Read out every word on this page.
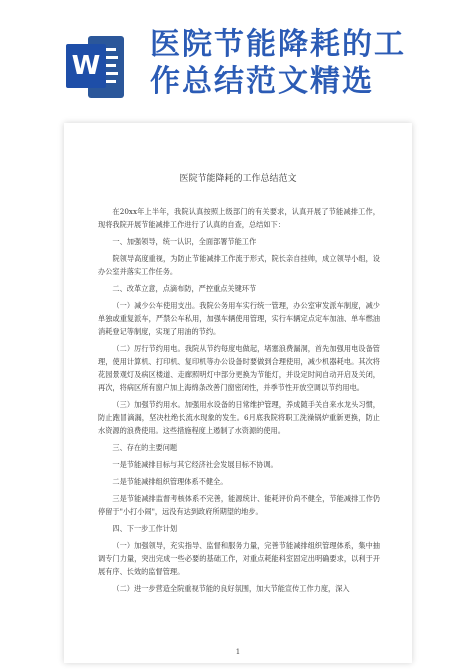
W
医院节能降耗的工
作总结范文精选
医院节能降耗的工作总结范文

在20xx年上半年，我院认真按照上级部门的有关要求，认真开展了节能减排工作，现将我院开展节能减排工作进行了认真的自查，总结如下：

一、加强领导，统一认识，全面部署节能工作

院领导高度重视，为防止节能减排工作流于形式，院长亲自挂帅，成立领导小组，设办公室并落实工作任务。

二、改革立意，点滴布防，严控重点关键环节

（一）减少公车使用支出。我院公务用车实行统一管理，办公室审发派车制度，减少单独或重复派车，严禁公车私用，加强车辆使用管理，实行车辆定点定车加油、单车燃油消耗登记等制度，实现了用油的节约。

（二）厉行节约用电。我院从节约每度电做起，堵塞浪费漏洞，首先加强用电设备管理，使用计算机、打印机、复印机等办公设备时要做到合理使用，减少机器耗电。其次将花园景观灯及病区楼道、走廊照明灯中部分更换为节能灯，并设定时间自动开启及关闭，再次，将病区所有窗户加上海绵条改善门窗密闭性，并季节性开放空调以节约用电。

（三）加强节约用水。加强用水设备的日常维护管理，养成随手关自来水龙头习惯，防止跑冒滴漏，坚决杜绝长流水现象的发生。6月底我院将职工洗澡锅炉重新更换，防止水资源的浪费使用。这些措施程度上遏制了水资源的使用。

三、存在的主要问题

一是节能减排目标与其它经济社会发展目标不协调。

二是节能减排组织管理体系不健全。

三是节能减排监督考核体系不完善，能源统计、能耗评价尚不健全，节能减排工作仍停留于"小打小闹"，远没有达到政府所期望的地步。

四、下一步工作计划

（一）加强领导，充实指导、监督和服务力量，完善节能减排组织管理体系，集中抽调专门力量，突出完成一些必要的基础工作，对重点耗能科室固定出明确要求，以利于开展有序、长效的监督管理。

（二）进一步营造全院重视节能的良好氛围，加大节能宣传工作力度，深入

1
